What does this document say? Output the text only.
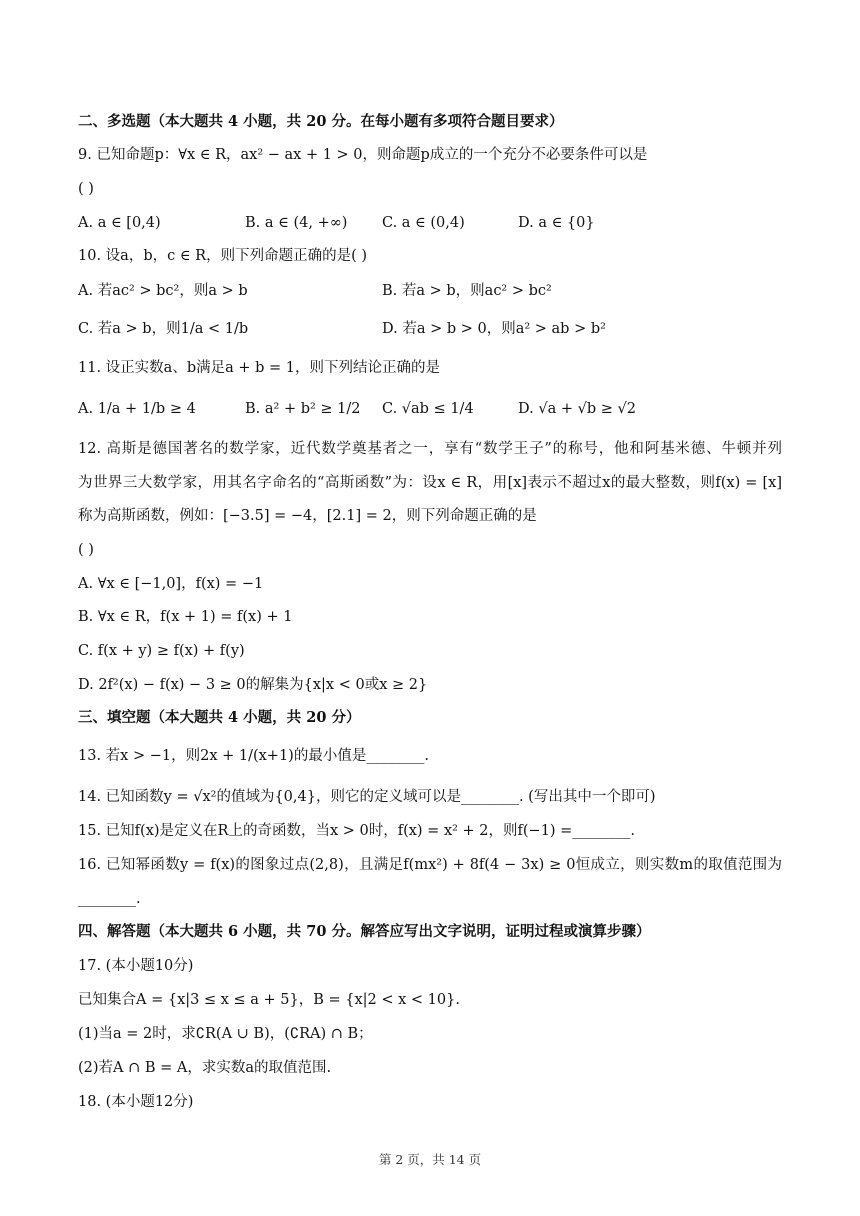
二、多选题（本大题共 4 小题，共 20 分。在每小题有多项符合题目要求）
9. 已知命题p：∀x ∈ R，ax² − ax + 1 > 0，则命题p成立的一个充分不必要条件可以是
( )
A. a ∈ [0,4)	B. a ∈ (4, +∞) C. a ∈ (0,4)	D. a ∈ {0}
10. 设a，b，c ∈ R，则下列命题正确的是( )
A. 若ac² > bc²，则a > b	B. 若a > b，则ac² > bc²
C. 若a > b，则1/a < 1/b	D. 若a > b > 0，则a² > ab > b²
11. 设正实数a、b满足a + b = 1，则下列结论正确的是
A. 1/a + 1/b ≥ 4	B. a² + b² ≥ 1/2 C. √ab ≤ 1/4	D. √a + √b ≥ √2
12. 高斯是德国著名的数学家，近代数学奠基者之一，享有“数学王子”的称号，他和阿基米德、牛顿并列
为世界三大数学家，用其名字命名的“高斯函数”为：设x ∈ R，用[x]表示不超过x的最大整数，则f(x) = [x]
称为高斯函数，例如：[−3.5] = −4，[2.1] = 2，则下列命题正确的是
( )
A. ∀x ∈ [−1,0]，f(x) = −1
B. ∀x ∈ R，f(x + 1) = f(x) + 1
C. f(x + y) ≥ f(x) + f(y)
D. 2f²(x) − f(x) − 3 ≥ 0的解集为{x|x < 0或x ≥ 2}
三、填空题（本大题共 4 小题，共 20 分）
13. 若x > −1，则2x + 1/(x+1)的最小值是________.
14. 已知函数y = √x²的值域为{0,4}，则它的定义域可以是________. (写出其中一个即可)
15. 已知f(x)是定义在R上的奇函数，当x > 0时，f(x) = x² + 2，则f(−1) =________.
16. 已知幂函数y = f(x)的图象过点(2,8)，且满足f(mx²) + 8f(4 − 3x) ≥ 0恒成立，则实数m的取值范围为
________.
四、解答题（本大题共 6 小题，共 70 分。解答应写出文字说明，证明过程或演算步骤）
17. (本小题10分)
已知集合A = {x|3 ≤ x ≤ a + 5}，B = {x|2 < x < 10}.
(1)当a = 2时，求∁R(A ∪ B)，(∁RA) ∩ B；
(2)若A ∩ B = A，求实数a的取值范围.
18. (本小题12分)
第 2 页，共 14 页
